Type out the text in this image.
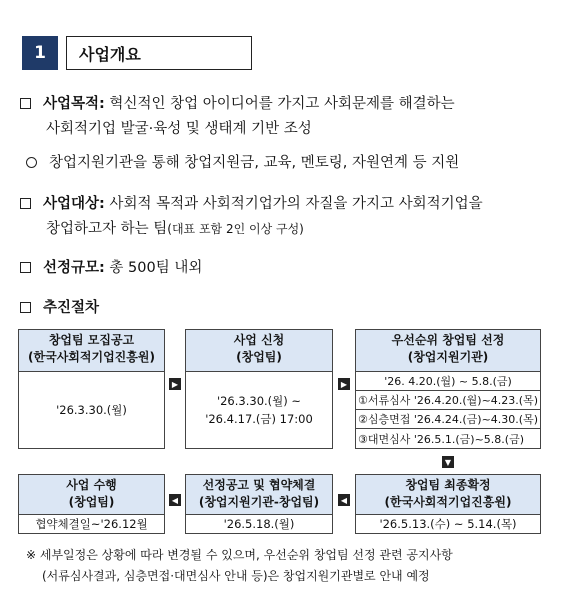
1	사업개요
사업목적: 혁신적인 창업 아이디어를 가지고 사회문제를 해결하는
사회적기업 발굴·육성 및 생태계 기반 조성
창업지원기관을 통해 창업지원금, 교육, 멘토링, 자원연계 등 지원
사업대상: 사회적 목적과 사회적기업가의 자질을 가지고 사회적기업을
창업하고자 하는 팀(대표 포함 2인 이상 구성)
선정규모: 총 500팀 내외
추진절차
창업팀 모집공고
(한국사회적기업진흥원)
'26.3.30.(월)
▶
사업 신청
(창업팀)
'26.3.30.(월) ~
'26.4.17.(금) 17:00
▶
우선순위 창업팀 선정
(창업지원기관)
'26. 4.20.(월) ~ 5.8.(금)
①서류심사 '26.4.20.(월)~4.23.(목)
②심층면접 '26.4.24.(금)~4.30.(목)
③대면심사 '26.5.1.(금)~5.8.(금)
▼
사업 수행
(창업팀)
협약체결일~'26.12월
◀
선정공고 및 협약체결
(창업지원기관-창업팀)
'26.5.18.(월)
◀
창업팀 최종확정
(한국사회적기업진흥원)
'26.5.13.(수) ~ 5.14.(목)
※ 세부일정은 상황에 따라 변경될 수 있으며, 우선순위 창업팀 선정 관련 공지사항
(서류심사결과, 심층면접·대면심사 안내 등)은 창업지원기관별로 안내 예정
